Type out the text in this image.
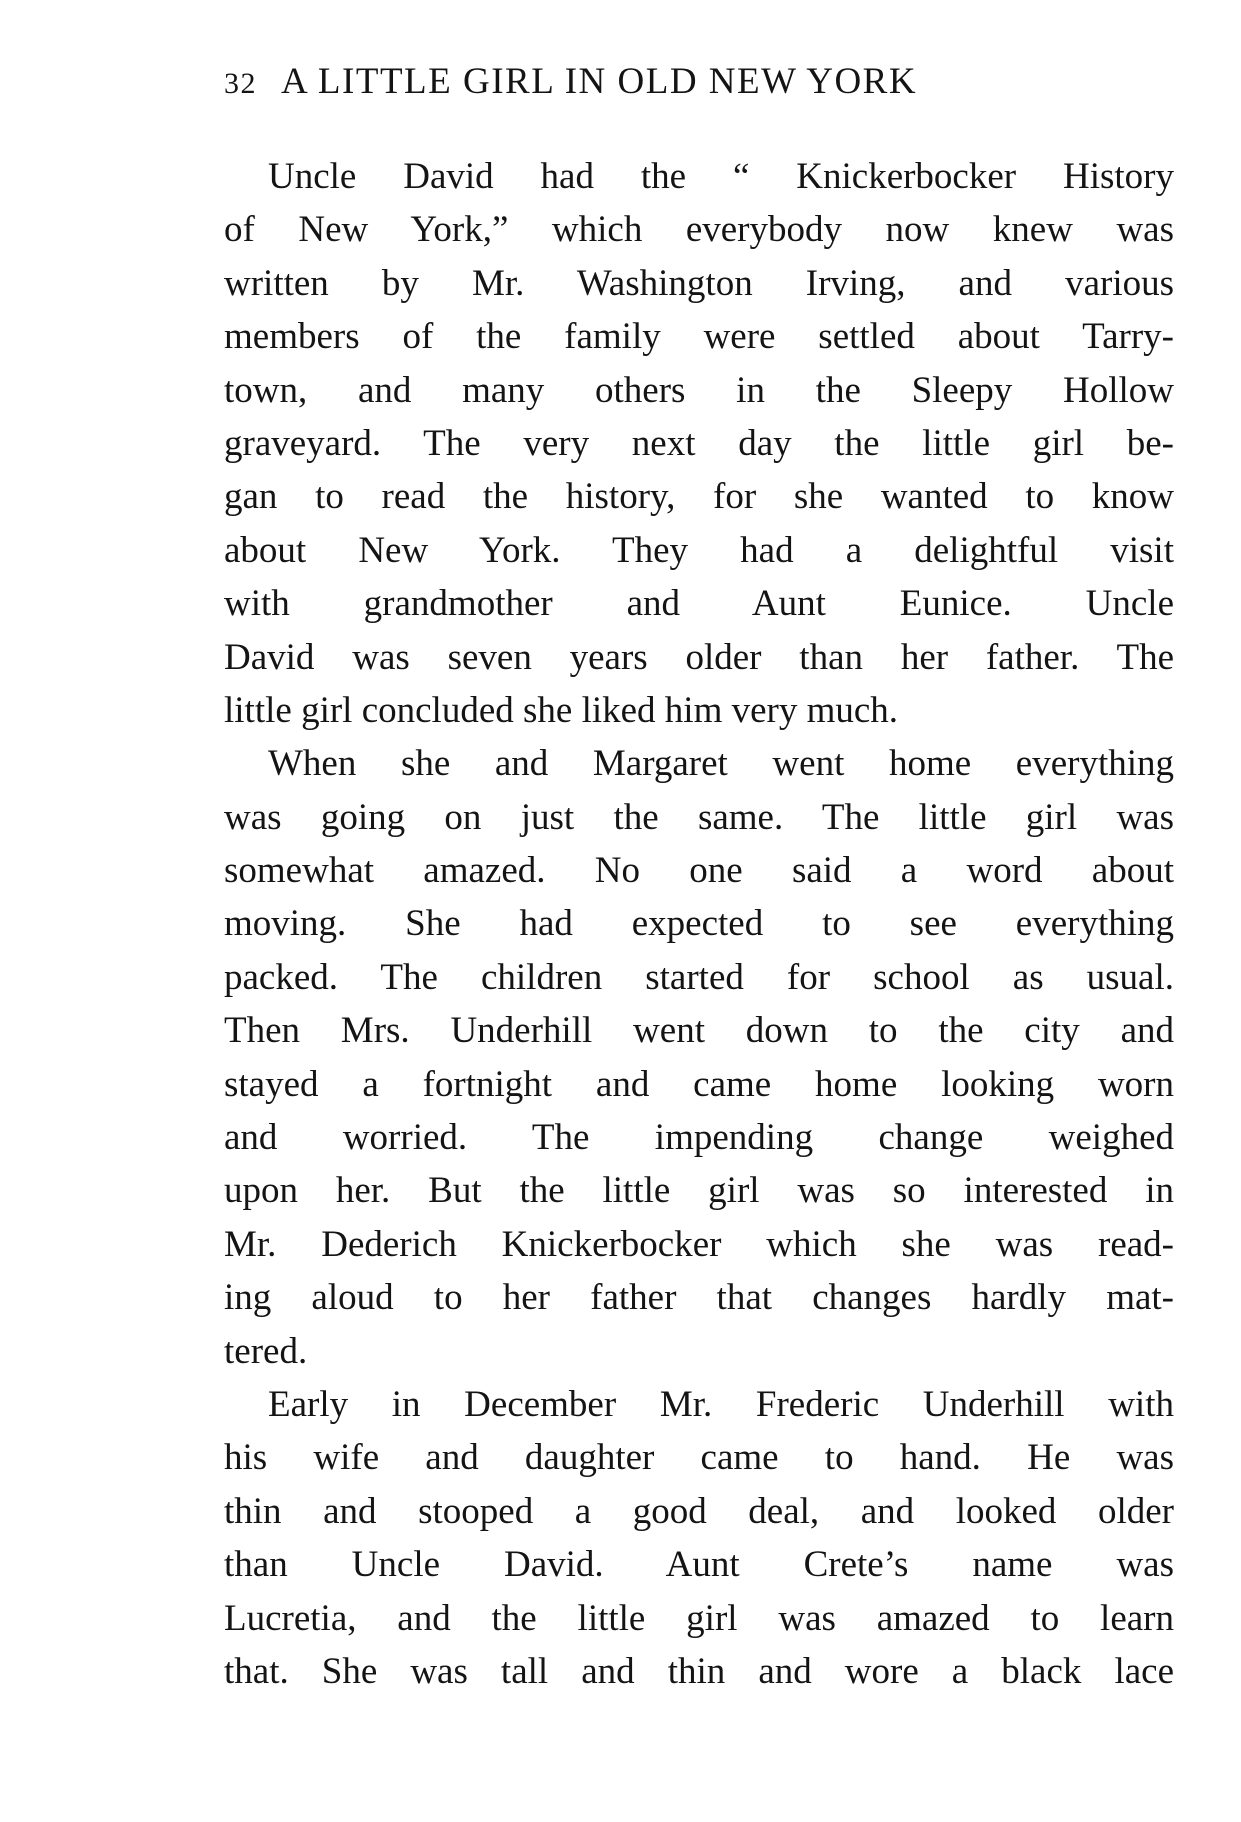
32 A LITTLE GIRL IN OLD NEW YORK
Uncle David had the “ Knickerbocker History
of New York,” which everybody now knew was
written by Mr. Washington Irving, and various
members of the family were settled about Tarry-
town, and many others in the Sleepy Hollow
graveyard. The very next day the little girl be-
gan to read the history, for she wanted to know
about New York. They had a delightful visit
with grandmother and Aunt Eunice. Uncle
David was seven years older than her father. The
little girl concluded she liked him very much.
When she and Margaret went home everything
was going on just the same. The little girl was
somewhat amazed. No one said a word about
moving. She had expected to see everything
packed. The children started for school as usual.
Then Mrs. Underhill went down to the city and
stayed a fortnight and came home looking worn
and worried. The impending change weighed
upon her. But the little girl was so interested in
Mr. Dederich Knickerbocker which she was read-
ing aloud to her father that changes hardly mat-
tered.
Early in December Mr. Frederic Underhill with
his wife and daughter came to hand. He was
thin and stooped a good deal, and looked older
than Uncle David. Aunt Crete’s name was
Lucretia, and the little girl was amazed to learn
that. She was tall and thin and wore a black lace
